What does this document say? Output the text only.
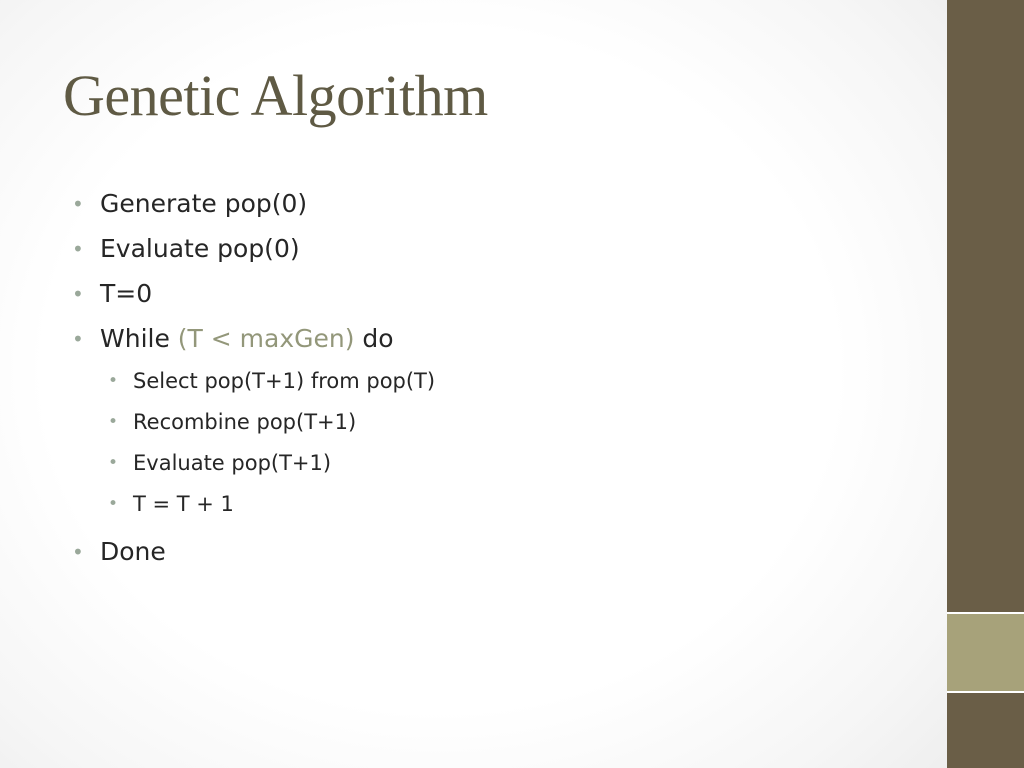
Genetic Algorithm
• Generate pop(0)
• Evaluate pop(0)
• T=0
• While (T < maxGen) do
• Select pop(T+1) from pop(T)
• Recombine pop(T+1)
• Evaluate pop(T+1)
• T = T + 1
• Done
